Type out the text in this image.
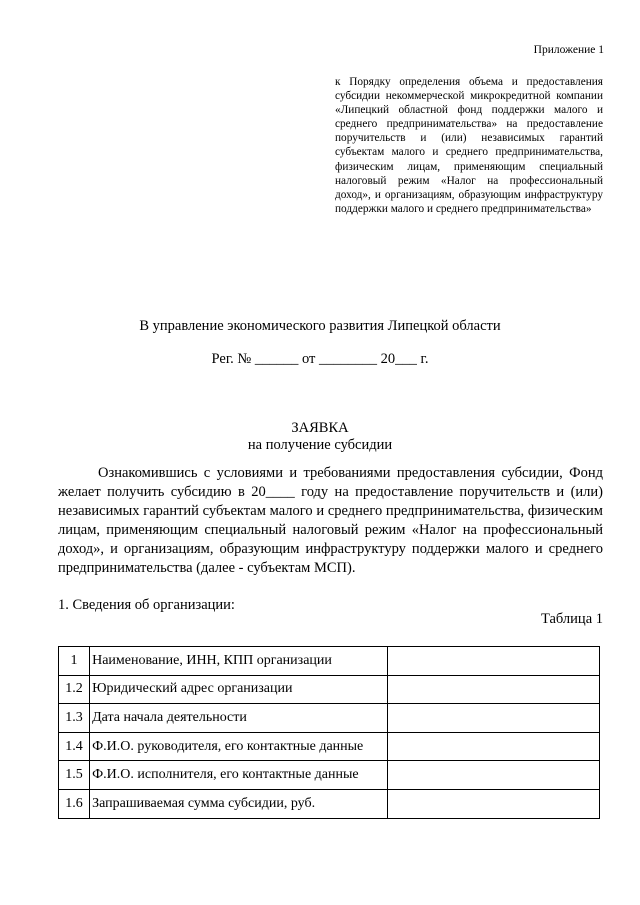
Приложение 1
к Порядку определения объема и предоставления субсидии некоммерческой микрокредитной компании «Липецкий областной фонд поддержки малого и среднего предпринимательства» на предоставление поручительств и (или) независимых гарантий субъектам малого и среднего предпринимательства, физическим лицам, применяющим специальный налоговый режим «Налог на профессиональный доход», и организациям, образующим инфраструктуру поддержки малого и среднего предпринимательства»
В управление экономического развития Липецкой области
Рег. № ______ от ________ 20___ г.
ЗАЯВКА
на получение субсидии
Ознакомившись с условиями и требованиями предоставления субсидии, Фонд желает получить субсидию в 20____ году на предоставление поручительств и (или) независимых гарантий субъектам малого и среднего предпринимательства, физическим лицам, применяющим специальный налоговый режим «Налог на профессиональный доход», и организациям, образующим инфраструктуру поддержки малого и среднего предпринимательства (далее - субъектам МСП).
1. Сведения об организации:
Таблица 1
1	Наименование, ИНН, КПП организации	
1.2	Юридический адрес организации	
1.3	Дата начала деятельности	
1.4	Ф.И.О. руководителя, его контактные данные	
1.5	Ф.И.О. исполнителя, его контактные данные	
1.6	Запрашиваемая сумма субсидии, руб.	
